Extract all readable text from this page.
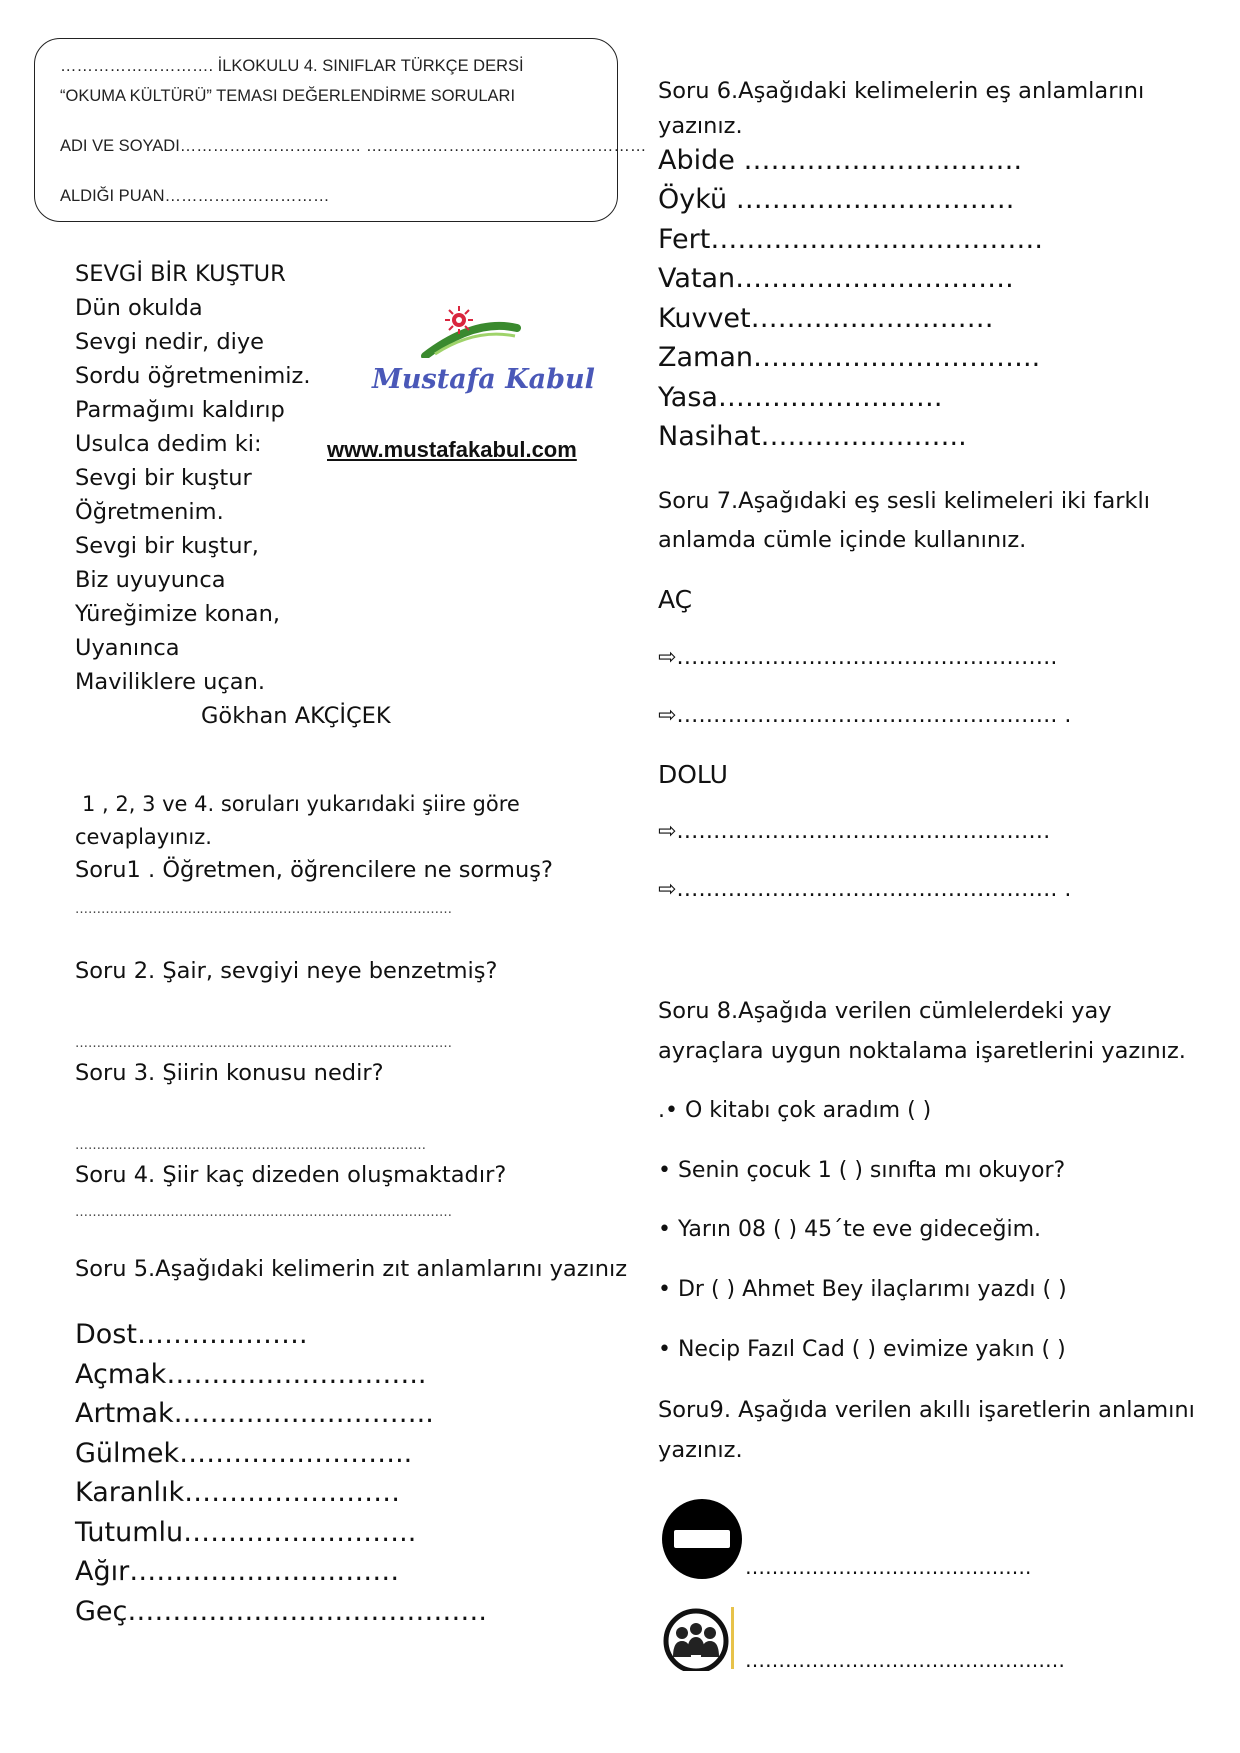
………………………. İLKOKULU 4. SINIFLAR TÜRKÇE DERSİ
“OKUMA KÜLTÜRÜ” TEMASI DEĞERLENDİRME SORULARI
ADI VE SOYADI…………………………… ……………………………………………
ALDIĞI PUAN…………………………
SEVGİ BİR KUŞTUR
Dün okulda
Sevgi nedir, diye
Sordu öğretmenimiz.
Parmağımı kaldırıp
Usulca dedim ki:
Sevgi bir kuştur
Öğretmenim.
Sevgi bir kuştur,
Biz uyuyunca
Yüreğimize konan,
Uyanınca
Maviliklere uçan.
Gökhan AKÇİÇEK
Mustafa Kabul
www.mustafakabul.com
1 , 2, 3 ve 4. soruları yukarıdaki şiire göre
cevaplayınız.
Soru1 . Öğretmen, öğrencilere ne sormuş?
……………………………………………………………………………
Soru 2. Şair, sevgiyi neye benzetmiş?
……………………………………………………………………………
Soru 3. Şiirin konusu nedir?
………………………………………………………………………
Soru 4. Şiir kaç dizeden oluşmaktadır?
……………………………………………………………………………
Soru 5.Aşağıdaki kelimerin zıt anlamlarını yazınız
Dost……………….
Açmak………………………..
Artmak………………………..
Gülmek……………………..
Karanlık……………………
Tutumlu……………………..
Ağır…………………………
Geç………………………………….
Soru 6.Aşağıdaki kelimelerin eş anlamlarını
yazınız.
Abide ………………………….
Öykü ………………………….
Fert……………………………….
Vatan………………………….
Kuvvet………………………
Zaman…………………………..
Yasa…………………….
Nasihat…………………..
Soru 7.Aşağıdaki eş sesli kelimeleri iki farklı
anlamda cümle içinde kullanınız.
AÇ
⇨…………………………………………….
⇨……………………………………………. .
DOLU
⇨……………………………………………
⇨……………………………………………. .
Soru 8.Aşağıda verilen cümlelerdeki yay
ayraçlara uygun noktalama işaretlerini yazınız.
.• O kitabı çok aradım ( )
• Senin çocuk 1 ( ) sınıfta mı okuyor?
• Yarın 08 ( ) 45´te eve gideceğim.
• Dr ( ) Ahmet Bey ilaçlarımı yazdı ( )
• Necip Fazıl Cad ( ) evimize yakın ( )
Soru9. Aşağıda verilen akıllı işaretlerin anlamını
yazınız.
…………………………………….
…………………………………………
